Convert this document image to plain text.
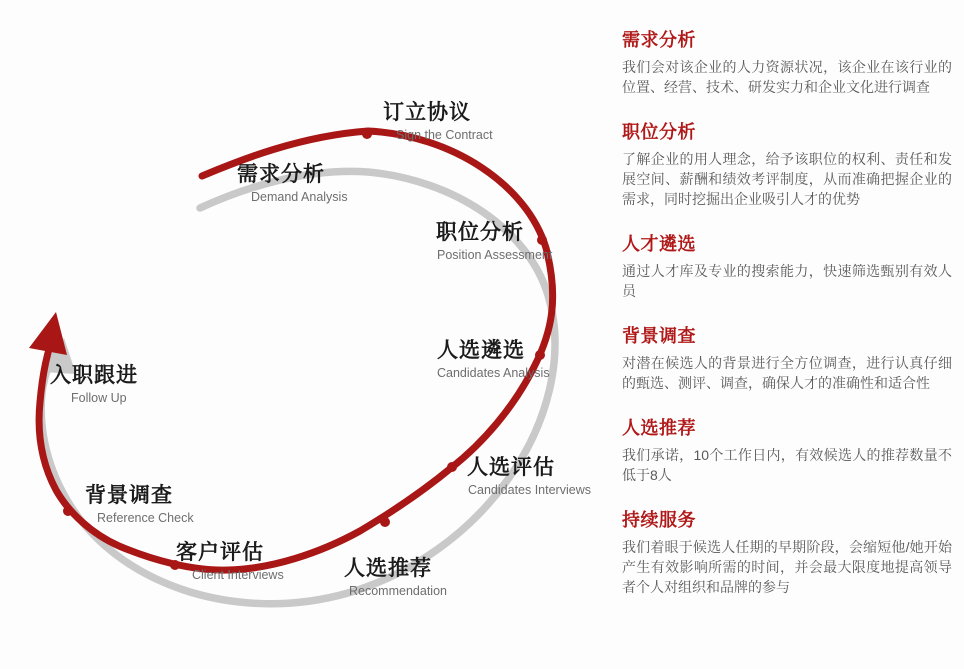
订立协议
Sign the Contract
需求分析
Demand Analysis
职位分析
Position Assessment
人选遴选
Candidates Analysis
人选评估
Candidates Interviews
人选推荐
Recommendation
客户评估
Client Interviews
背景调查
Reference Check
入职跟进
Follow Up
需求分析

我们会对该企业的人力资源状况，该企业在该行业的位置、经营、技术、研发实力和企业文化进行调查

职位分析

了解企业的用人理念，给予该职位的权利、责任和发展空间、薪酬和绩效考评制度，从而准确把握企业的需求，同时挖掘出企业吸引人才的优势

人才遴选

通过人才库及专业的搜索能力，快速筛选甄别有效人员

背景调查

对潜在候选人的背景进行全方位调查，进行认真仔细的甄选、测评、调查，确保人才的准确性和适合性

人选推荐

我们承诺，10个工作日内，有效候选人的推荐数量不低于8人

持续服务

我们着眼于候选人任期的早期阶段，会缩短他/她开始产生有效影响所需的时间，并会最大限度地提高领导者个人对组织和品牌的参与
